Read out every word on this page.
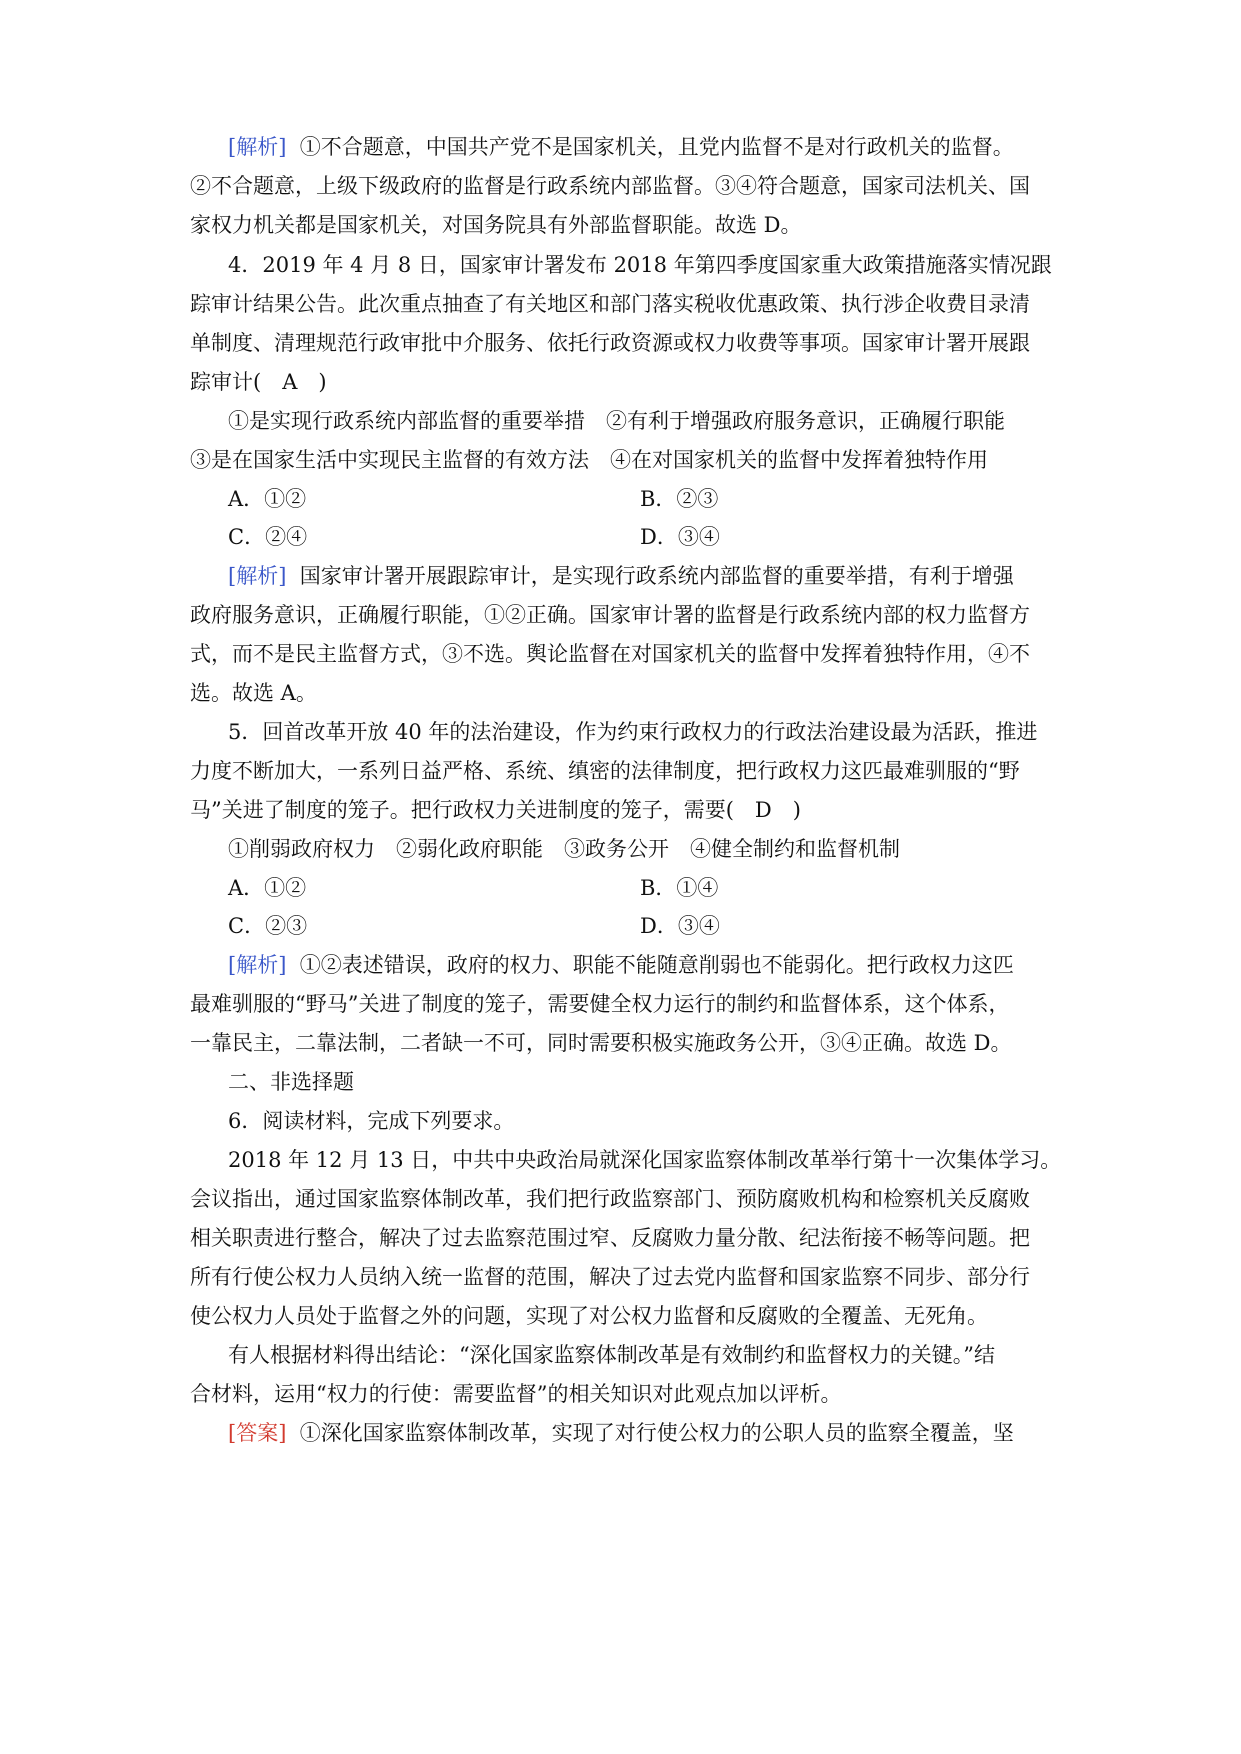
[解析] ①不合题意，中国共产党不是国家机关，且党内监督不是对行政机关的监督。
②不合题意，上级下级政府的监督是行政系统内部监督。③④符合题意，国家司法机关、国
家权力机关都是国家机关，对国务院具有外部监督职能。故选 D。
4．2019 年 4 月 8 日，国家审计署发布 2018 年第四季度国家重大政策措施落实情况跟
踪审计结果公告。此次重点抽查了有关地区和部门落实税收优惠政策、执行涉企收费目录清
单制度、清理规范行政审批中介服务、依托行政资源或权力收费等事项。国家审计署开展跟
踪审计(　A　)
①是实现行政系统内部监督的重要举措　②有利于增强政府服务意识，正确履行职能
③是在国家生活中实现民主监督的有效方法　④在对国家机关的监督中发挥着独特作用
A．①②	B．②③
C．②④	D．③④
[解析] 国家审计署开展跟踪审计，是实现行政系统内部监督的重要举措，有利于增强
政府服务意识，正确履行职能，①②正确。国家审计署的监督是行政系统内部的权力监督方
式，而不是民主监督方式，③不选。舆论监督在对国家机关的监督中发挥着独特作用，④不
选。故选 A。
5．回首改革开放 40 年的法治建设，作为约束行政权力的行政法治建设最为活跃，推进
力度不断加大，一系列日益严格、系统、缜密的法律制度，把行政权力这匹最难驯服的“野
马”关进了制度的笼子。把行政权力关进制度的笼子，需要(　D　)
①削弱政府权力　②弱化政府职能　③政务公开　④健全制约和监督机制
A．①②	B．①④
C．②③	D．③④
[解析] ①②表述错误，政府的权力、职能不能随意削弱也不能弱化。把行政权力这匹
最难驯服的“野马”关进了制度的笼子，需要健全权力运行的制约和监督体系，这个体系，
一靠民主，二靠法制，二者缺一不可，同时需要积极实施政务公开，③④正确。故选 D。
二、非选择题
6．阅读材料，完成下列要求。
2018 年 12 月 13 日，中共中央政治局就深化国家监察体制改革举行第十一次集体学习。
会议指出，通过国家监察体制改革，我们把行政监察部门、预防腐败机构和检察机关反腐败
相关职责进行整合，解决了过去监察范围过窄、反腐败力量分散、纪法衔接不畅等问题。把
所有行使公权力人员纳入统一监督的范围，解决了过去党内监督和国家监察不同步、部分行
使公权力人员处于监督之外的问题，实现了对公权力监督和反腐败的全覆盖、无死角。
有人根据材料得出结论：“深化国家监察体制改革是有效制约和监督权力的关键。”结
合材料，运用“权力的行使：需要监督”的相关知识对此观点加以评析。
[答案] ①深化国家监察体制改革，实现了对行使公权力的公职人员的监察全覆盖，坚
